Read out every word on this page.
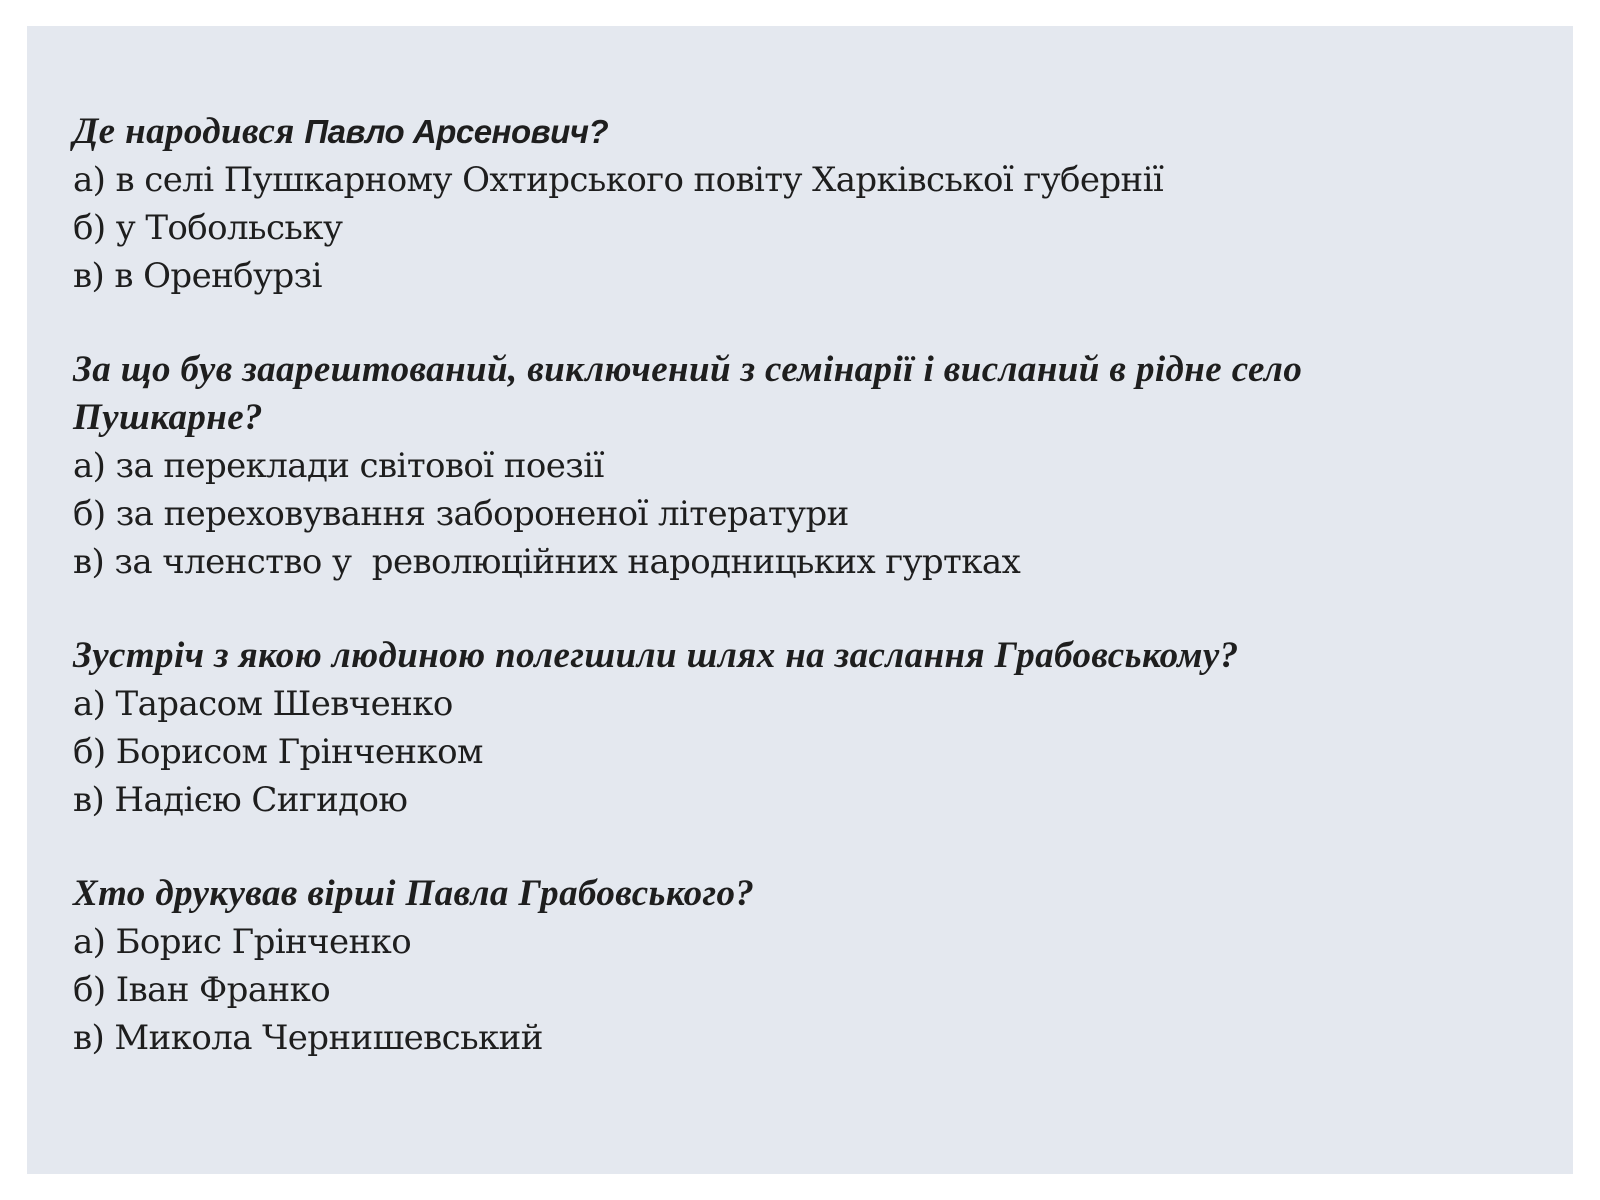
Де народився Павло Арсенович?

а) в селі Пушкарному Охтирського повіту Харківської губернії

б) у Тобольську

в) в Оренбурзі

За що був заарештований, виключений з семінарії і висланий в рідне село Пушкарне?

а) за переклади світової поезії

б) за переховування забороненої літератури

в) за членство у  революційних народницьких гуртках

Зустріч з якою людиною полегшили шлях на заслання Грабовському?

а) Тарасом Шевченко

б) Борисом Грінченком

в) Надією Сигидою

Хто друкував вірші Павла Грабовського?

а) Борис Грінченко

б) Іван Франко

в) Микола Чернишевський
